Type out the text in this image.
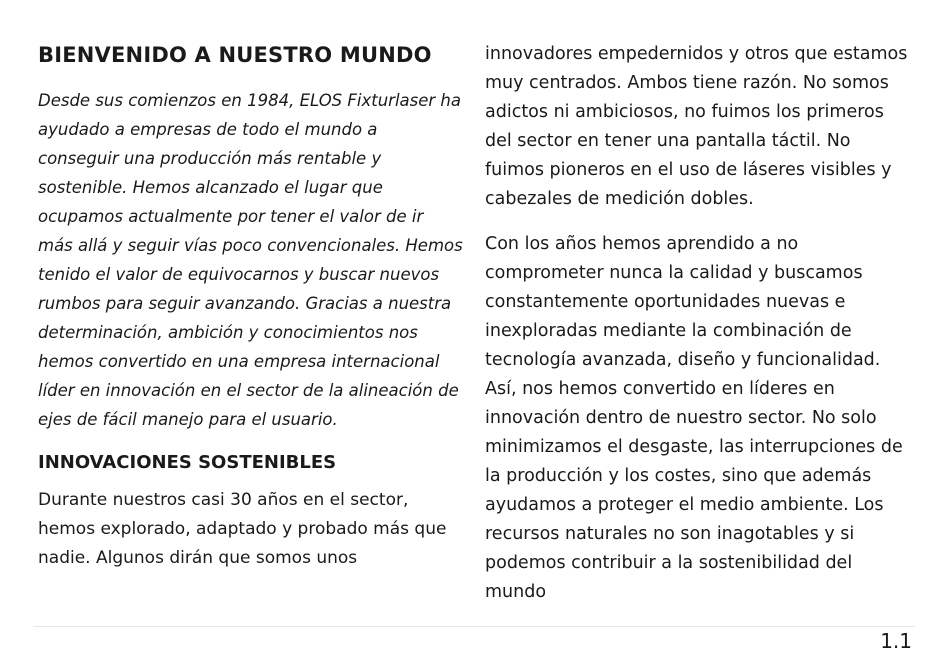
BIENVENIDO A NUESTRO MUNDO

Desde sus comienzos en 1984, ELOS Fixturlaser ha ayudado a empresas de todo el mundo a conseguir una producción más rentable y sostenible. Hemos alcanzado el lugar que ocupamos actualmente por tener el valor de ir más allá y seguir vías poco convencionales. Hemos tenido el valor de equivocarnos y buscar nuevos rumbos para seguir avanzando. Gracias a nuestra determinación, ambición y conocimientos nos hemos convertido en una empresa internacional líder en innovación en el sector de la alineación de ejes de fácil manejo para el usuario.

INNOVACIONES SOSTENIBLES

Durante nuestros casi 30 años en el sector, hemos explorado, adaptado y probado más que nadie. Algunos dirán que somos unos

innovadores empedernidos y otros que estamos muy centrados. Ambos tiene razón. No somos adictos ni ambiciosos, no fuimos los primeros del sector en tener una pantalla táctil. No fuimos pioneros en el uso de láseres visibles y cabezales de medición dobles.

Con los años hemos aprendido a no comprometer nunca la calidad y buscamos constantemente oportunidades nuevas e inexploradas mediante la combinación de tecnología avanzada, diseño y funcionalidad. Así, nos hemos convertido en líderes en innovación dentro de nuestro sector. No solo minimizamos el desgaste, las interrupciones de la producción y los costes, sino que además ayudamos a proteger el medio ambiente. Los recursos naturales no son inagotables y si podemos contribuir a la sostenibilidad del mundo

1.1
